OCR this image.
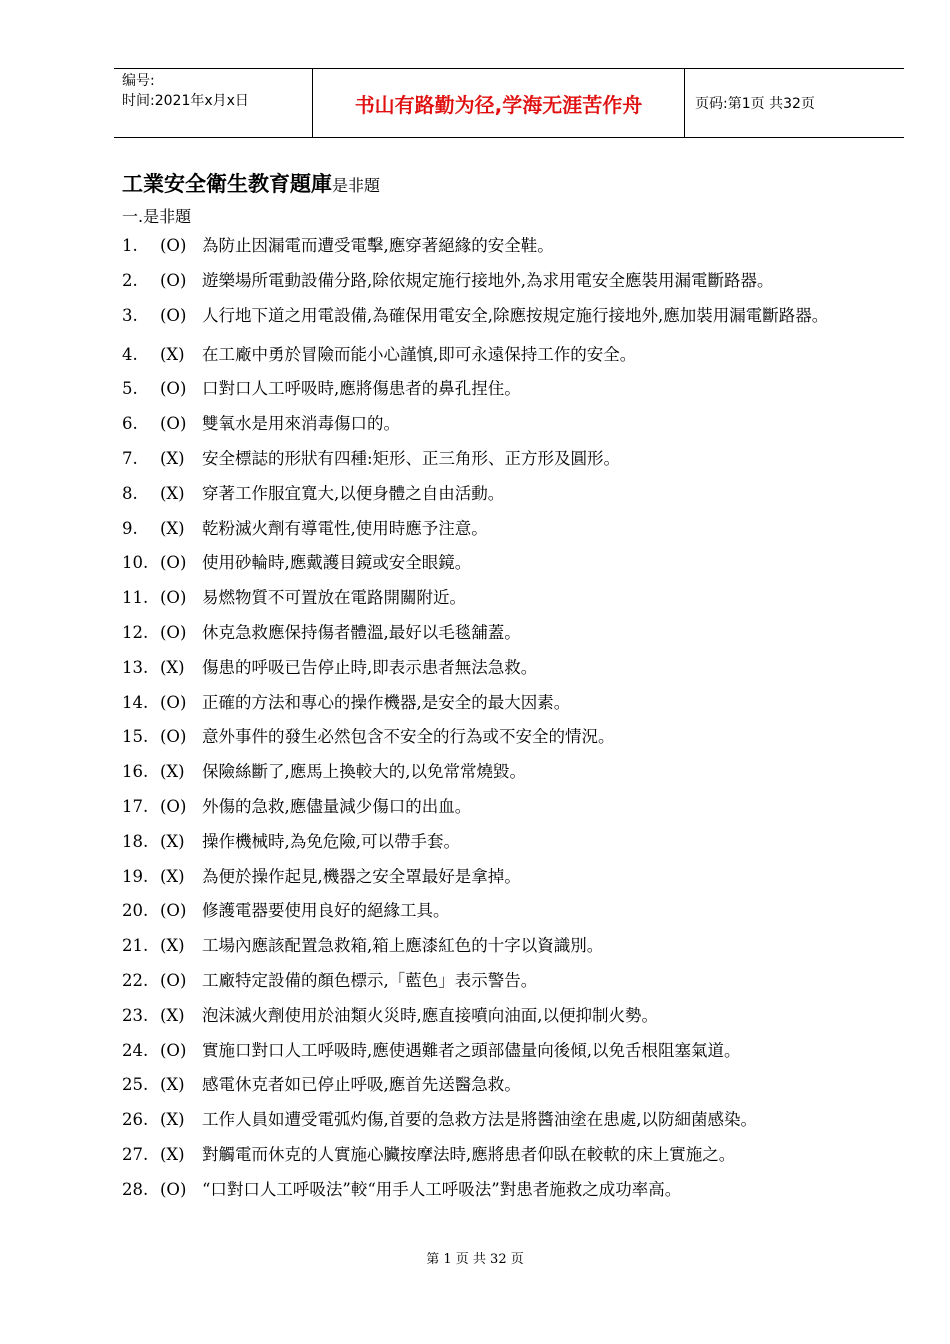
编号:
时间:2021年x月x日	书山有路勤为径,学海无涯苦作舟	页码:第1页 共32页
工業安全衛生教育題庫是非題
一.是非題
1.	(O) 為防止因漏電而遭受電擊,應穿著絕緣的安全鞋。
2.	(O) 遊樂場所電動設備分路,除依規定施行接地外,為求用電安全應裝用漏電斷路器。
3.	(O) 人行地下道之用電設備,為確保用電安全,除應按規定施行接地外,應加裝用漏電斷路器。
4.	(X)	在工廠中勇於冒險而能小心謹慎,即可永遠保持工作的安全。
5.	(O) 口對口人工呼吸時,應將傷患者的鼻孔捏住。
6.	(O) 雙氧水是用來消毒傷口的。
7.	(X)	安全標誌的形狀有四種:矩形、正三角形、正方形及圓形。
8.	(X)	穿著工作服宜寬大,以便身體之自由活動。
9.	(X)	乾粉滅火劑有導電性,使用時應予注意。
10. (O) 使用砂輪時,應戴護目鏡或安全眼鏡。
11. (O) 易燃物質不可置放在電路開關附近。
12. (O) 休克急救應保持傷者體溫,最好以毛毯舖蓋。
13. (X)	傷患的呼吸已告停止時,即表示患者無法急救。
14. (O) 正確的方法和專心的操作機器,是安全的最大因素。
15. (O) 意外事件的發生必然包含不安全的行為或不安全的情況。
16. (X)	保險絲斷了,應馬上換較大的,以免常常燒毀。
17. (O) 外傷的急救,應儘量減少傷口的出血。
18. (X)	操作機械時,為免危險,可以帶手套。
19. (X)	為便於操作起見,機器之安全罩最好是拿掉。
20. (O) 修護電器要使用良好的絕緣工具。
21. (X)	工場內應該配置急救箱,箱上應漆紅色的十字以資識別。
22. (O) 工廠特定設備的顏色標示,「藍色」表示警告。
23. (X)	泡沫滅火劑使用於油類火災時,應直接噴向油面,以便抑制火勢。
24. (O) 實施口對口人工呼吸時,應使遇難者之頭部儘量向後傾,以免舌根阻塞氣道。
25. (X)	感電休克者如已停止呼吸,應首先送醫急救。
26. (X)	工作人員如遭受電弧灼傷,首要的急救方法是將醬油塗在患處,以防細菌感染。
27. (X)	對觸電而休克的人實施心臟按摩法時,應將患者仰臥在較軟的床上實施之。
28. (O) “口對口人工呼吸法”較“用手人工呼吸法”對患者施救之成功率高。
第 1 页 共 32 页
